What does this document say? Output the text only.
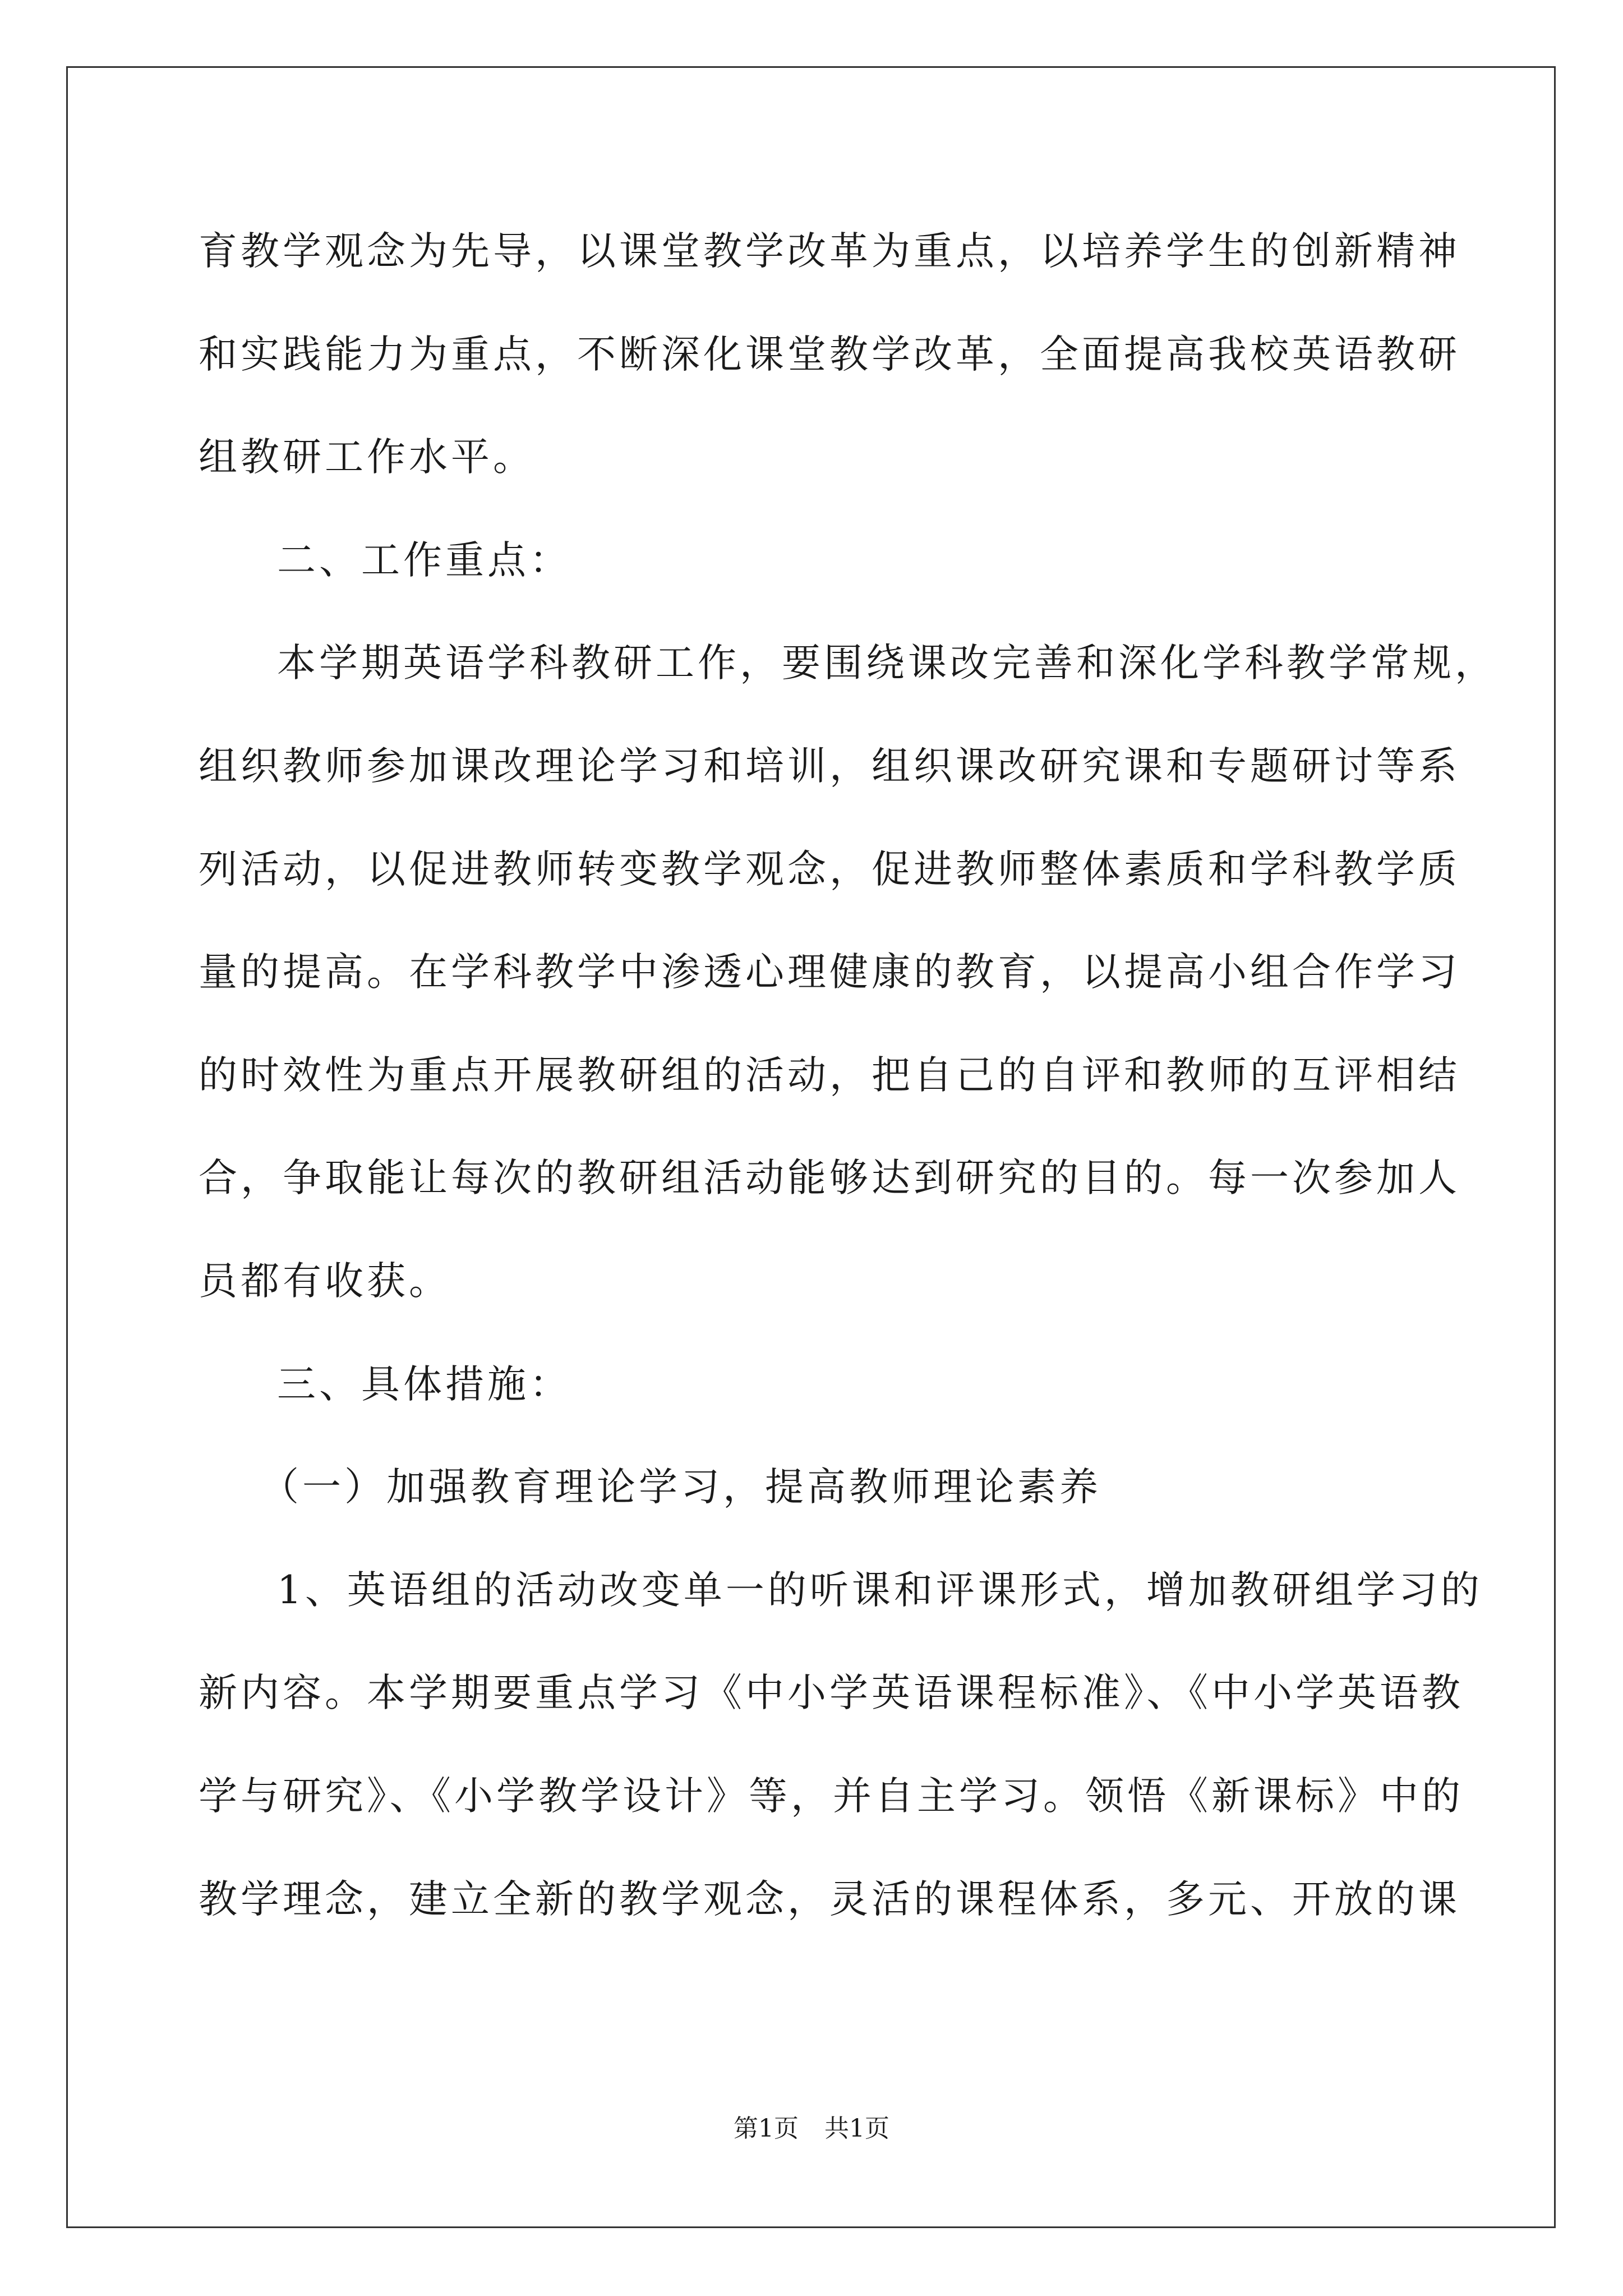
育教学观念为先导，以课堂教学改革为重点，以培养学生的创新精神
和实践能力为重点，不断深化课堂教学改革，全面提高我校英语教研
组教研工作水平。
二、工作重点：
本学期英语学科教研工作，要围绕课改完善和深化学科教学常规，
组织教师参加课改理论学习和培训，组织课改研究课和专题研讨等系
列活动，以促进教师转变教学观念，促进教师整体素质和学科教学质
量的提高。在学科教学中渗透心理健康的教育，以提高小组合作学习
的时效性为重点开展教研组的活动，把自己的自评和教师的互评相结
合，争取能让每次的教研组活动能够达到研究的目的。每一次参加人
员都有收获。
三、具体措施：
（一）加强教育理论学习，提高教师理论素养
1、英语组的活动改变单一的听课和评课形式，增加教研组学习的
新内容。本学期要重点学习《中小学英语课程标准》、《中小学英语教
学与研究》、《小学教学设计》等，并自主学习。领悟《新课标》中的
教学理念，建立全新的教学观念，灵活的课程体系，多元、开放的课
第1页 共1页
